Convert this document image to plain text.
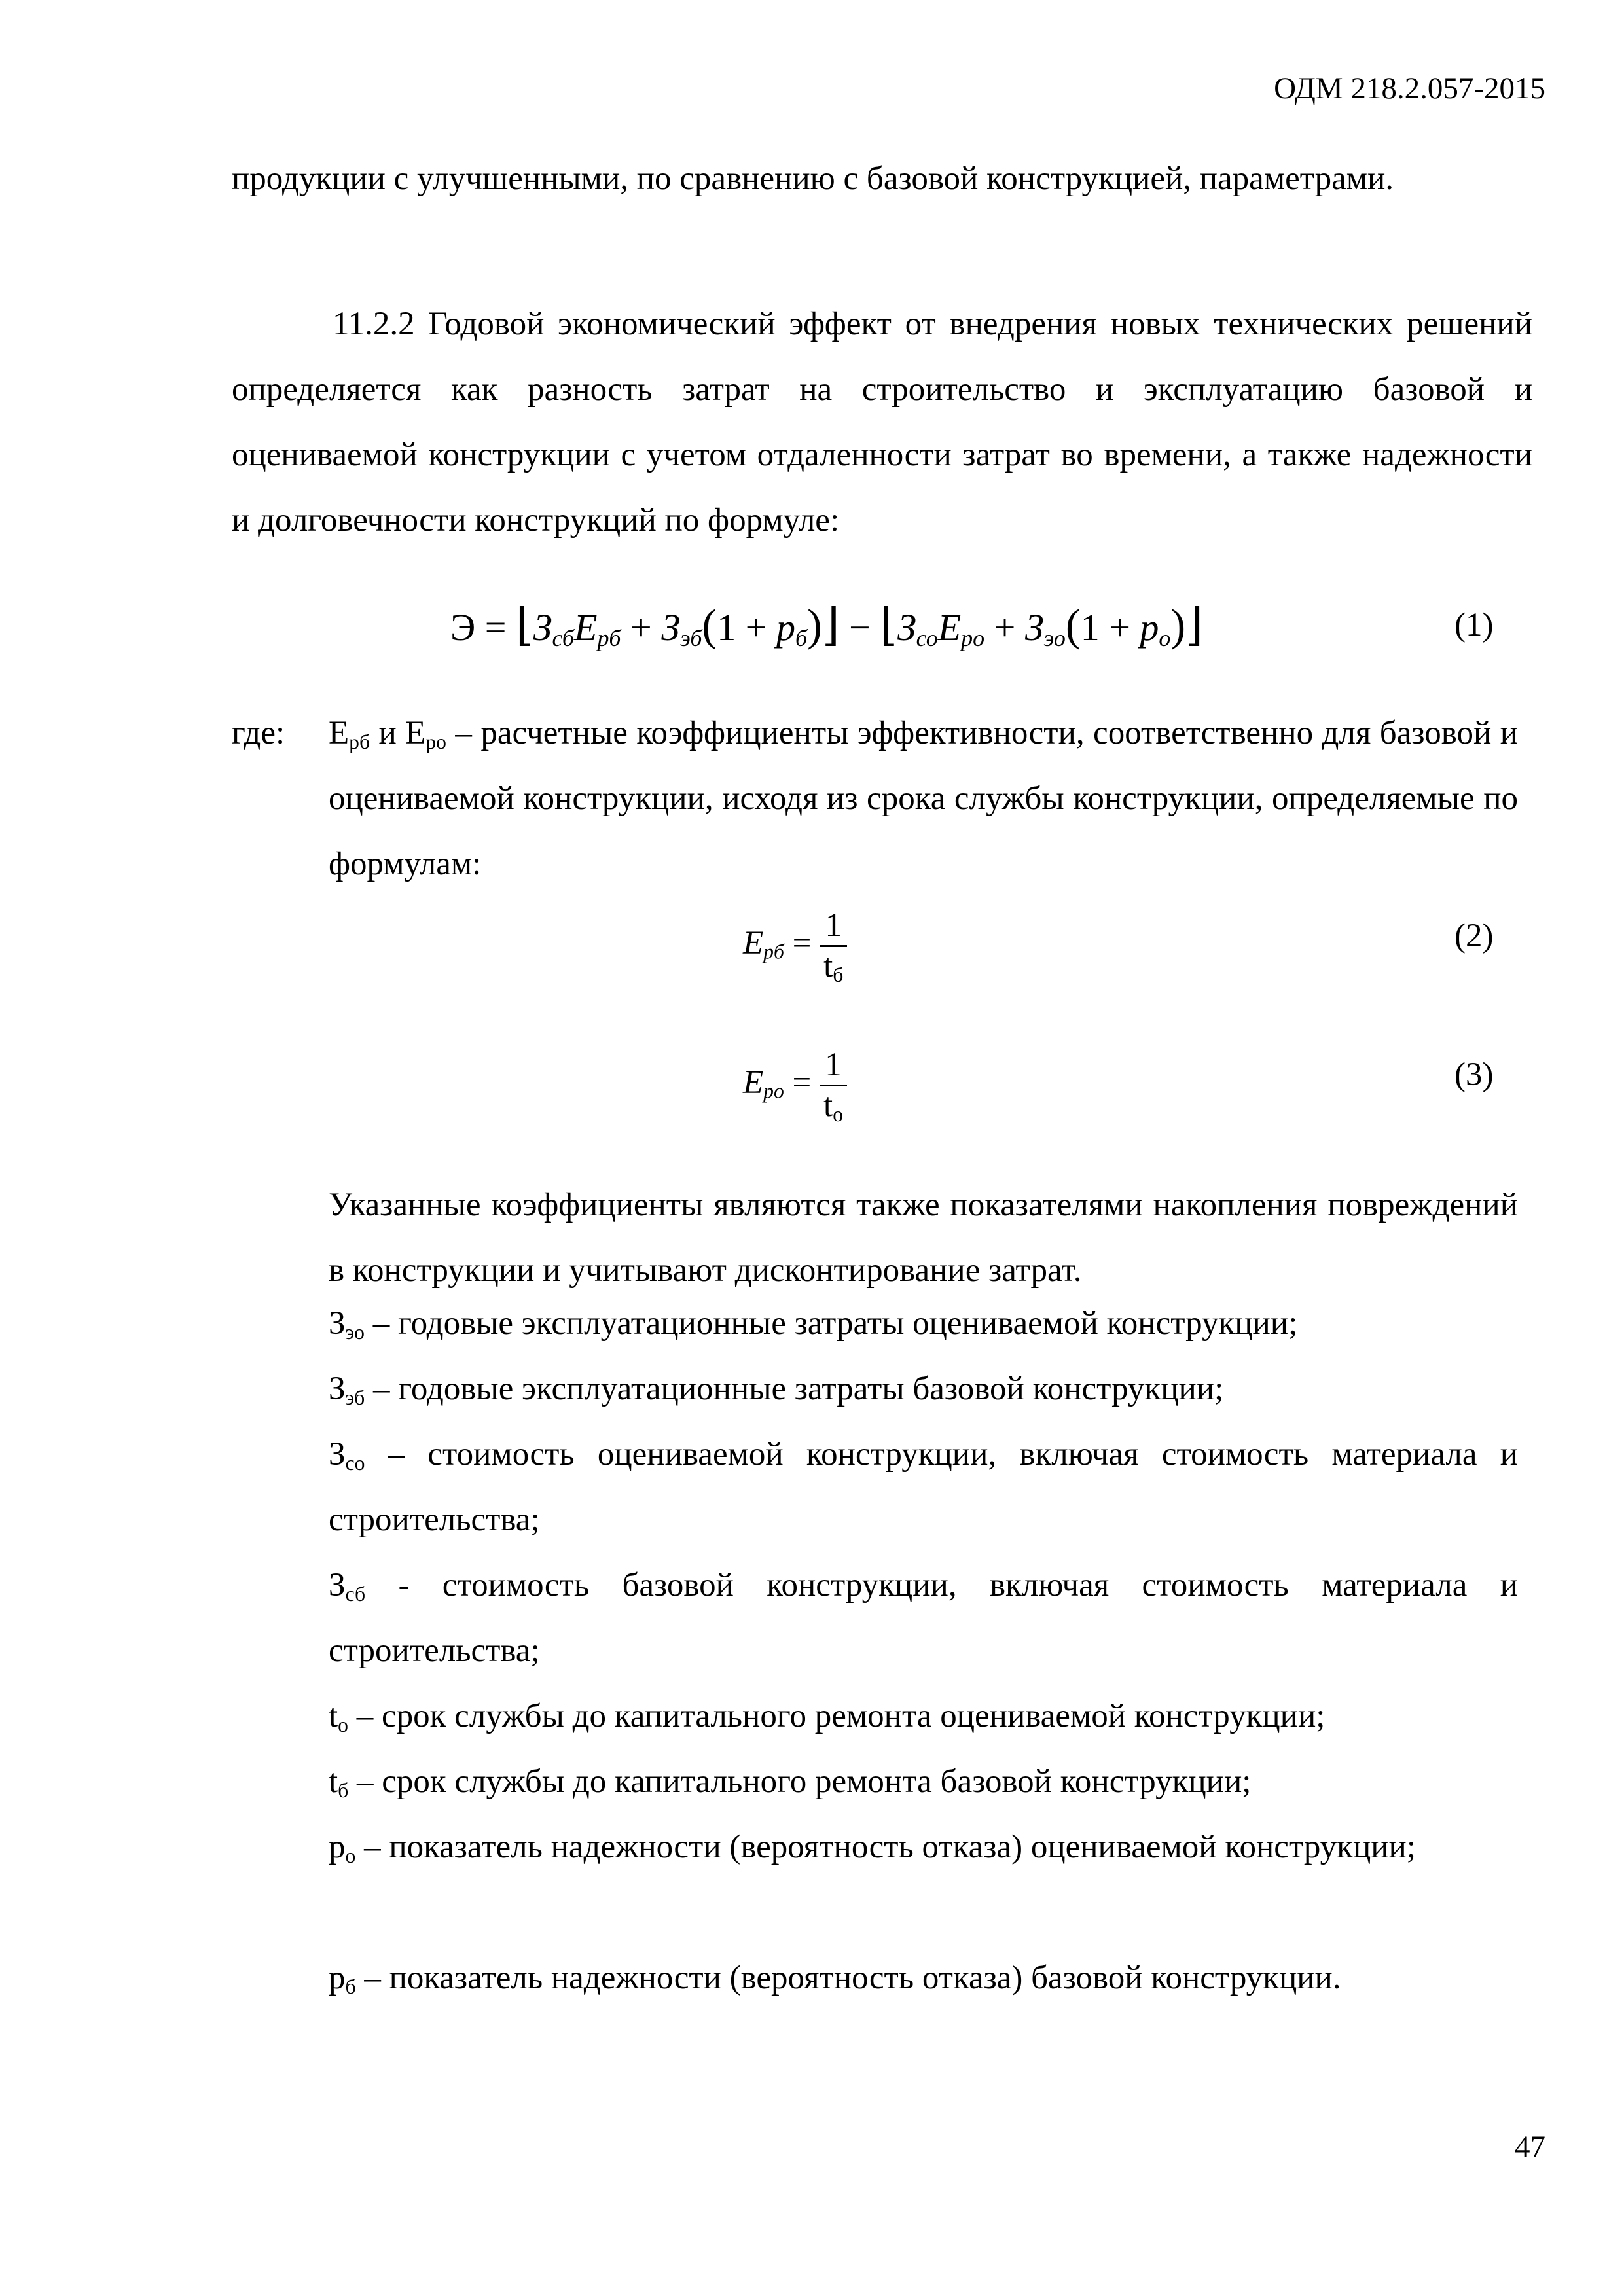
ОДМ 218.2.057-2015

продукции с улучшенными, по сравнению с базовой конструкцией, параметрами.

11.2.2 Годовой экономический эффект от внедрения новых технических решений определяется как разность затрат на строительство и эксплуатацию базовой и оцениваемой конструкции с учетом отдаленности затрат во времени, а также надежности и долговечности конструкций по формуле:

$Э = ⌊З_{сб}E_{рб} + З_{эб}(1$ + $p_б)⌋$ − $⌊З_{со}E_{ро} + З_{эо}(1$ + $p_о)⌋$	(1)
где: $E_{рб}$ и $E_{ро}$ – расчетные коэффициенты эффективности, соответственно для базовой и оцениваемой конструкции, исходя из срока службы конструкции, определяемые по формулам:

$E_{рб} = \frac{1}{t_б}$	(2)
$E_{ро} = \frac{1}{t_о}$	(3)

Указанные коэффициенты являются также показателями накопления повреждений в конструкции и учитывают дисконтирование затрат.

$З_{эо}$ – годовые эксплуатационные затраты оцениваемой конструкции;

$З_{эб}$ – годовые эксплуатационные затраты базовой конструкции;

$З_{со}$ – стоимость оцениваемой конструкции, включая стоимость материала и строительства;

$З_{сб}$ - стоимость базовой конструкции, включая стоимость материала и строительства;

$t_о$ – срок службы до капитального ремонта оцениваемой конструкции;

$t_б$ – срок службы до капитального ремонта базовой конструкции;

$p_о$ – показатель надежности (вероятность отказа) оцениваемой конструкции;

$p_б$ – показатель надежности (вероятность отказа) базовой конструкции.

47
